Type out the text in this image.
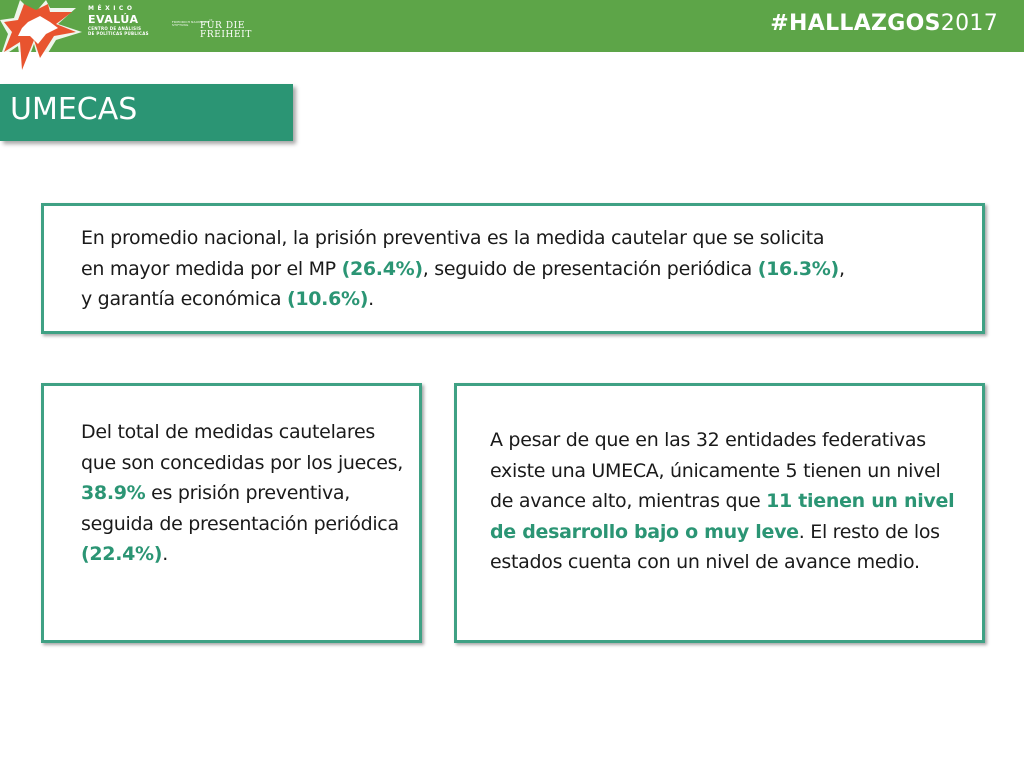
MÉXICO
EVALÚA
CENTRO DE ANÁLISIS
DE POLÍTICAS PÚBLICAS
FRIEDRICH NAUMANN
STIFTUNG	FÜR DIE FREIHEIT	#HALLAZGOS2017
UMECAS

En promedio nacional, la prisión preventiva es la medida cautelar que se solicita
en mayor medida por el MP (26.4%), seguido de presentación periódica (16.3%),
y garantía económica (10.6%).

Del total de medidas cautelares que son concedidas por los jueces, 38.9% es prisión preventiva, seguida de presentación periódica (22.4%).

A pesar de que en las 32 entidades federativas existe una UMECA, únicamente 5 tienen un nivel de avance alto, mientras que 11 tienen un nivel de desarrollo bajo o muy leve. El resto de los estados cuenta con un nivel de avance medio.
